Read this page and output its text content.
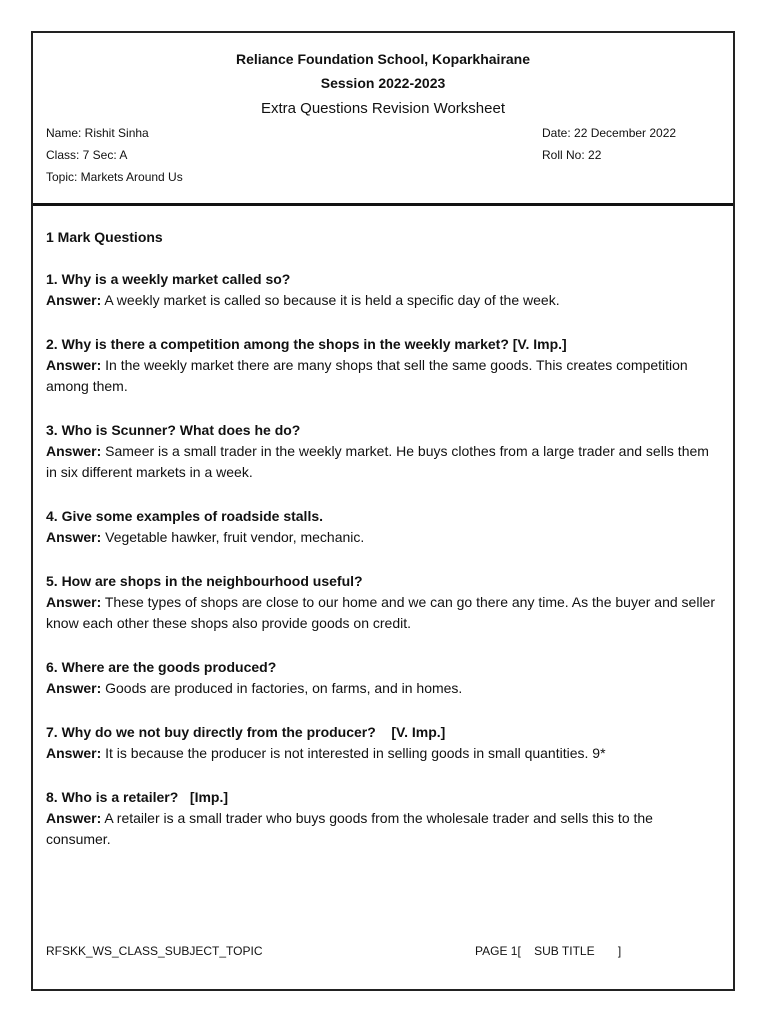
Reliance Foundation School, Koparkhairane
Session 2022-2023
Extra Questions Revision Worksheet
Name: Rishit Sinha
Class: 7 Sec: A
Topic: Markets Around Us
Date: 22 December 2022
Roll No: 22
1 Mark Questions
1. Why is a weekly market called so?
Answer: A weekly market is called so because it is held a specific day of the week.
2. Why is there a competition among the shops in the weekly market? [V. Imp.]
Answer: In the weekly market there are many shops that sell the same goods. This creates competition among them.
3. Who is Scunner? What does he do?
Answer: Sameer is a small trader in the weekly market. He buys clothes from a large trader and sells them in six different markets in a week.
4. Give some examples of roadside stalls.
Answer: Vegetable hawker, fruit vendor, mechanic.
5. How are shops in the neighbourhood useful?
Answer: These types of shops are close to our home and we can go there any time. As the buyer and seller know each other these shops also provide goods on credit.
6. Where are the goods produced?
Answer: Goods are produced in factories, on farms, and in homes.
7. Why do we not buy directly from the producer?    [V. Imp.]
Answer: It is because the producer is not interested in selling goods in small quantities. 9*
8. Who is a retailer?   [Imp.]
Answer: A retailer is a small trader who buys goods from the wholesale trader and sells this to the consumer.
RFSKK_WS_CLASS_SUBJECT_TOPIC	PAGE 1[    SUB TITLE       ]
